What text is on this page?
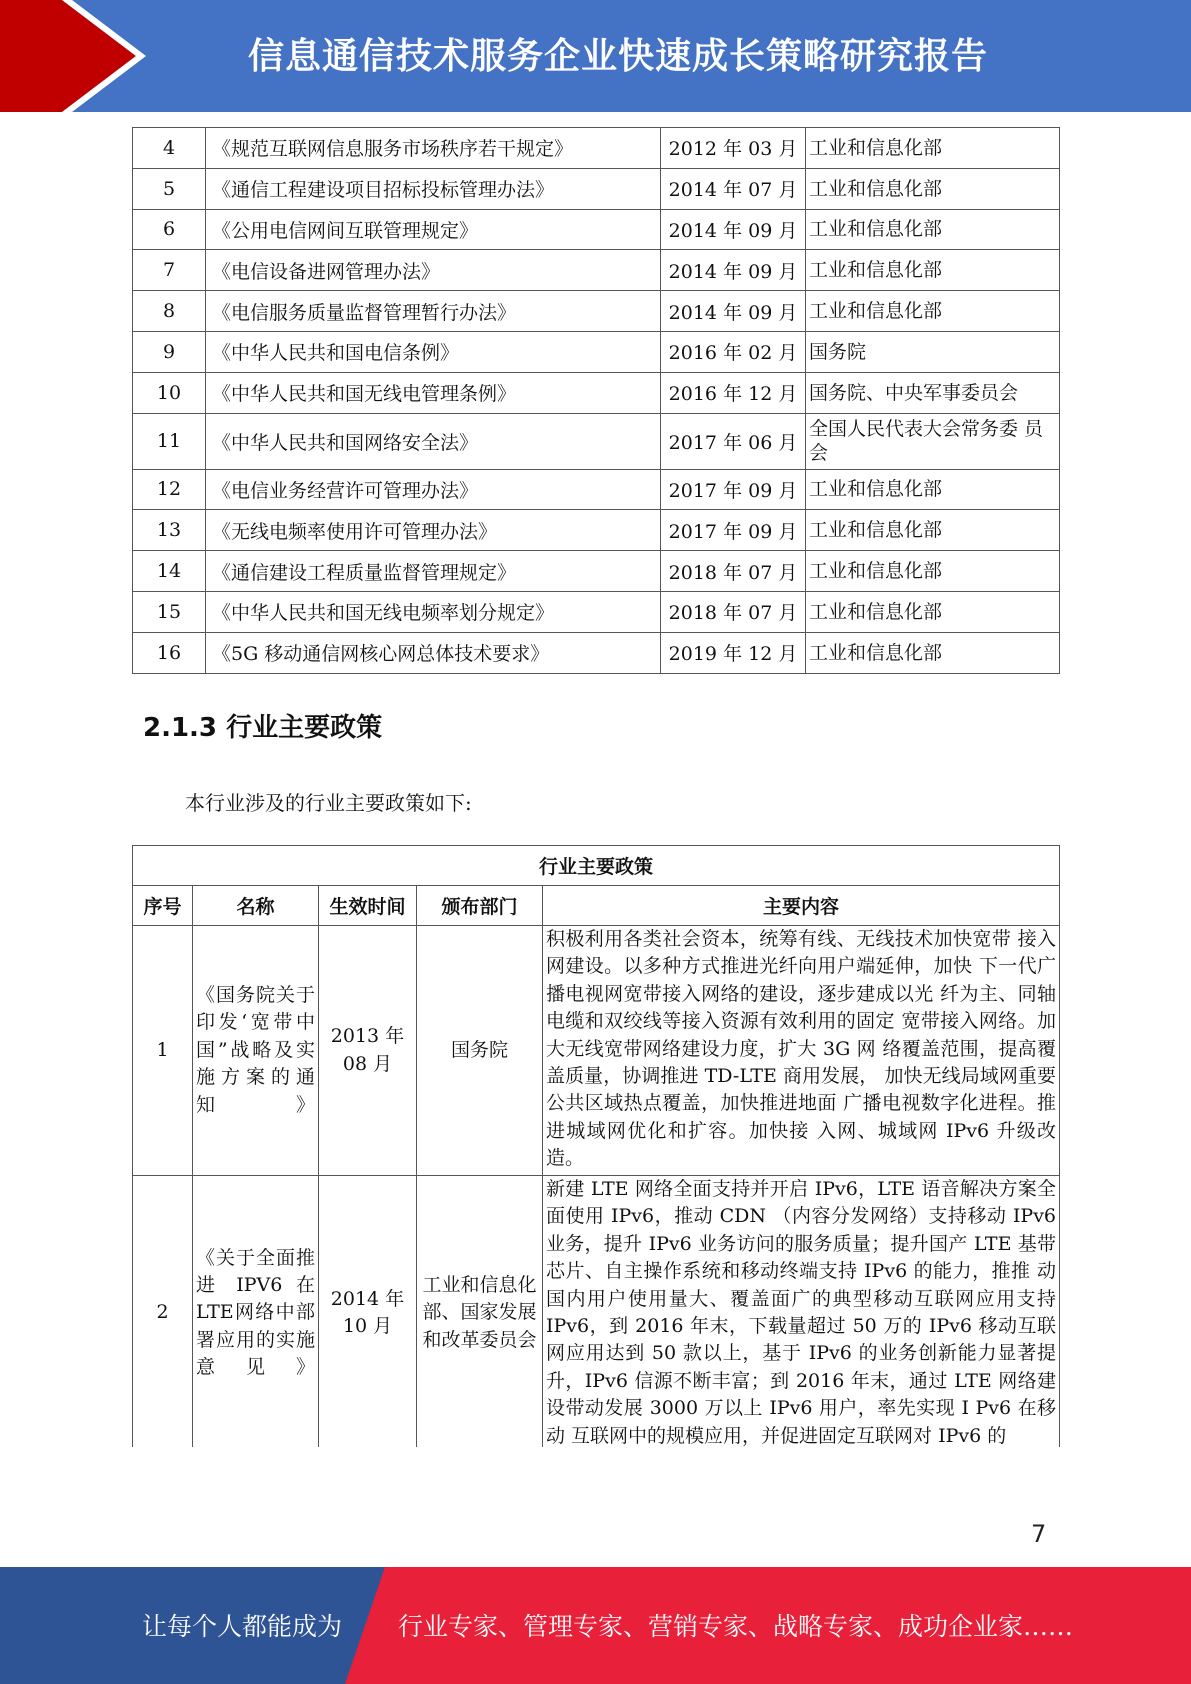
信息通信技术服务企业快速成长策略研究报告
4	《规范互联网信息服务市场秩序若干规定》	2012 年 03 月	工业和信息化部
5	《通信工程建设项目招标投标管理办法》	2014 年 07 月	工业和信息化部
6	《公用电信网间互联管理规定》	2014 年 09 月	工业和信息化部
7	《电信设备进网管理办法》	2014 年 09 月	工业和信息化部
8	《电信服务质量监督管理暂行办法》	2014 年 09 月	工业和信息化部
9	《中华人民共和国电信条例》	2016 年 02 月	国务院
10	《中华人民共和国无线电管理条例》	2016 年 12 月	国务院、中央军事委员会
11	《中华人民共和国网络安全法》	2017 年 06 月	全国人民代表大会常务委 员会
12	《电信业务经营许可管理办法》	2017 年 09 月	工业和信息化部
13	《无线电频率使用许可管理办法》	2017 年 09 月	工业和信息化部
14	《通信建设工程质量监督管理规定》	2018 年 07 月	工业和信息化部
15	《中华人民共和国无线电频率划分规定》	2018 年 07 月	工业和信息化部
16	《5G 移动通信网核心网总体技术要求》	2019 年 12 月	工业和信息化部
2.1.3 行业主要政策
本行业涉及的行业主要政策如下:
行业主要政策				
序号	名称	生效时间	颁布部门	主要内容
1	《国务院关于印发‘宽带中国”战略及实施方案的通知》	2013 年 08 月	国务院	积极利用各类社会资本，统筹有线、无线技术加快宽带 接入网建设。以多种方式推进光纤向用户端延伸，加快 下一代广播电视网宽带接入网络的建设，逐步建成以光 纤为主、同轴电缆和双绞线等接入资源有效利用的固定 宽带接入网络。加大无线宽带网络建设力度，扩大 3G 网 络覆盖范围，提高覆盖质量，协调推进 TD-LTE 商用发展， 加快无线局域网重要公共区域热点覆盖，加快推进地面 广播电视数字化进程。推进城域网优化和扩容。加快接 入网、城域网 IPv6 升级改造。
2	《关于全面推进 IPV6 在LTE网络中部署应用的实施意见》	2014 年 10 月	工业和信息化部、国家发展和改革委员会	新建 LTE 网络全面支持并开启 IPv6，LTE 语音解决方案全面使用 IPv6，推动 CDN （内容分发网络）支持移动 IPv6 业务，提升 IPv6 业务访问的服务质量；提升国产 LTE 基带 芯片、自主操作系统和移动终端支持 IPv6 的能力，推推 动国内用户使用量大、覆盖面广的典型移动互联网应用支持 IPv6，到 2016 年末，下载量超过 50 万的 IPv6 移动互联网应用达到 50 款以上，基于 IPv6 的业务创新能力显著提升，IPv6 信源不断丰富；到 2016 年末，通过 LTE 网络建 设带动发展 3000 万以上 IPv6 用户，率先实现 I Pv6 在移动 互联网中的规模应用，并促进固定互联网对 IPv6 的
7
让每个人都能成为 行业专家、管理专家、营销专家、战略专家、成功企业家……
